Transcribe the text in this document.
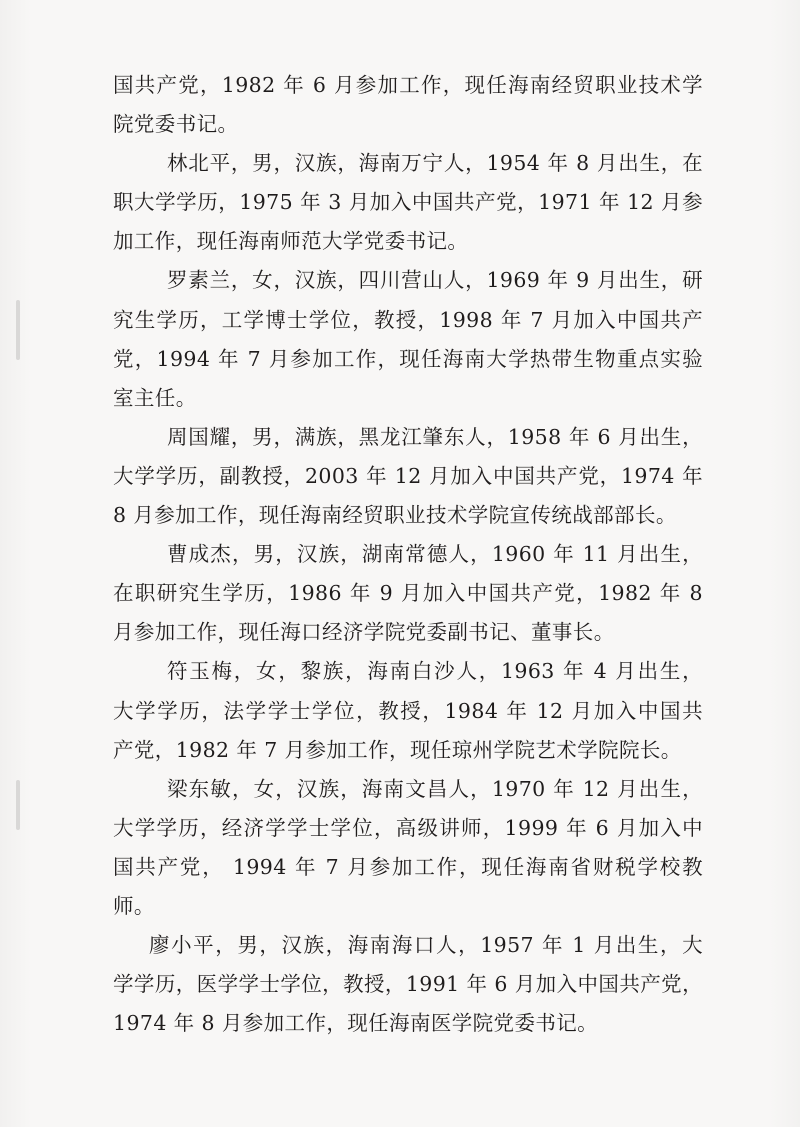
国共产党，1982 年 6 月参加工作，现任海南经贸职业技术学
院党委书记。

林北平，男，汉族，海南万宁人，1954 年 8 月出生，在
职大学学历，1975 年 3 月加入中国共产党，1971 年 12 月参
加工作，现任海南师范大学党委书记。

罗素兰，女，汉族，四川营山人，1969 年 9 月出生，研
究生学历，工学博士学位，教授，1998 年 7 月加入中国共产
党，1994 年 7 月参加工作，现任海南大学热带生物重点实验
室主任。

周国耀，男，满族，黑龙江肇东人，1958 年 6 月出生，
大学学历，副教授，2003 年 12 月加入中国共产党，1974 年
8 月参加工作，现任海南经贸职业技术学院宣传统战部部长。

曹成杰，男，汉族，湖南常德人，1960 年 11 月出生，
在职研究生学历，1986 年 9 月加入中国共产党，1982 年 8
月参加工作，现任海口经济学院党委副书记、董事长。

符玉梅，女，黎族，海南白沙人，1963 年 4 月出生，
大学学历，法学学士学位，教授，1984 年 12 月加入中国共
产党，1982 年 7 月参加工作，现任琼州学院艺术学院院长。

梁东敏，女，汉族，海南文昌人，1970 年 12 月出生，
大学学历，经济学学士学位，高级讲师，1999 年 6 月加入中
国共产党， 1994 年 7 月参加工作，现任海南省财税学校教
师。

廖小平，男，汉族，海南海口人，1957 年 1 月出生，大
学学历，医学学士学位，教授，1991 年 6 月加入中国共产党，
1974 年 8 月参加工作，现任海南医学院党委书记。
